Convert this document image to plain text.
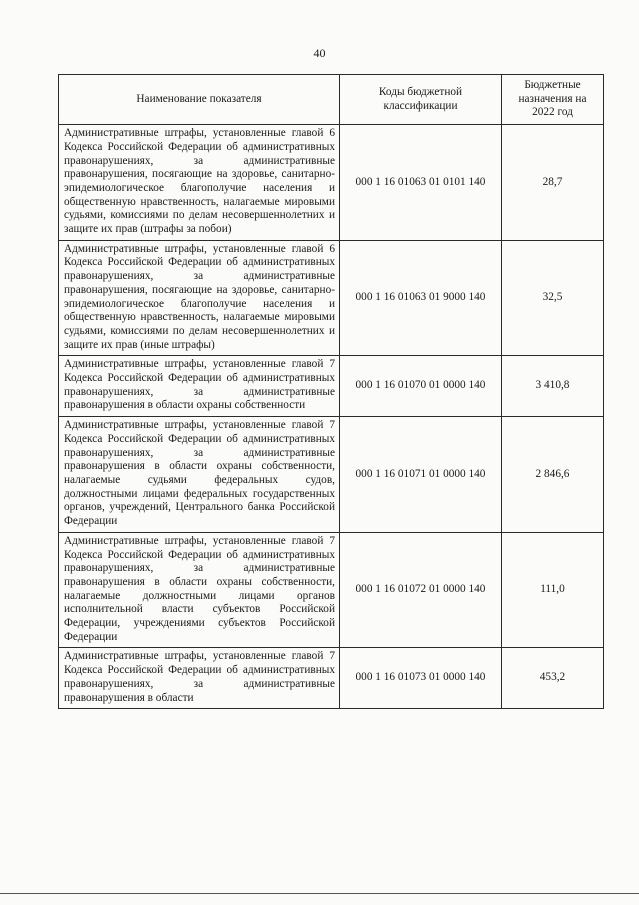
40
Наименование показателя	Коды бюджетной классификации	Бюджетные назначения на 2022 год
Административные штрафы, установленные главой 6 Кодекса Российской Федерации об административных правонарушениях, за административные правонарушения, посягающие на здоровье, санитарно-эпидемиологическое благополучие населения и общественную нравственность, налагаемые мировыми судьями, комиссиями по делам несовершеннолетних и защите их прав (штрафы за побои)	000 1 16 01063 01 0101 140	28,7
Административные штрафы, установленные главой 6 Кодекса Российской Федерации об административных правонарушениях, за административные правонарушения, посягающие на здоровье, санитарно-эпидемиологическое благополучие населения и общественную нравственность, налагаемые мировыми судьями, комиссиями по делам несовершеннолетних и защите их прав (иные штрафы)	000 1 16 01063 01 9000 140	32,5
Административные штрафы, установленные главой 7 Кодекса Российской Федерации об административных правонарушениях, за административные правонарушения в области охраны собственности	000 1 16 01070 01 0000 140	3 410,8
Административные штрафы, установленные главой 7 Кодекса Российской Федерации об административных правонарушениях, за административные правонарушения в области охраны собственности, налагаемые судьями федеральных судов, должностными лицами федеральных государственных органов, учреждений, Центрального банка Российской Федерации	000 1 16 01071 01 0000 140	2 846,6
Административные штрафы, установленные главой 7 Кодекса Российской Федерации об административных правонарушениях, за административные правонарушения в области охраны собственности, налагаемые должностными лицами органов исполнительной власти субъектов Российской Федерации, учреждениями субъектов Российской Федерации	000 1 16 01072 01 0000 140	111,0
Административные штрафы, установленные главой 7 Кодекса Российской Федерации об административных правонарушениях, за административные правонарушения в области	000 1 16 01073 01 0000 140	453,2
